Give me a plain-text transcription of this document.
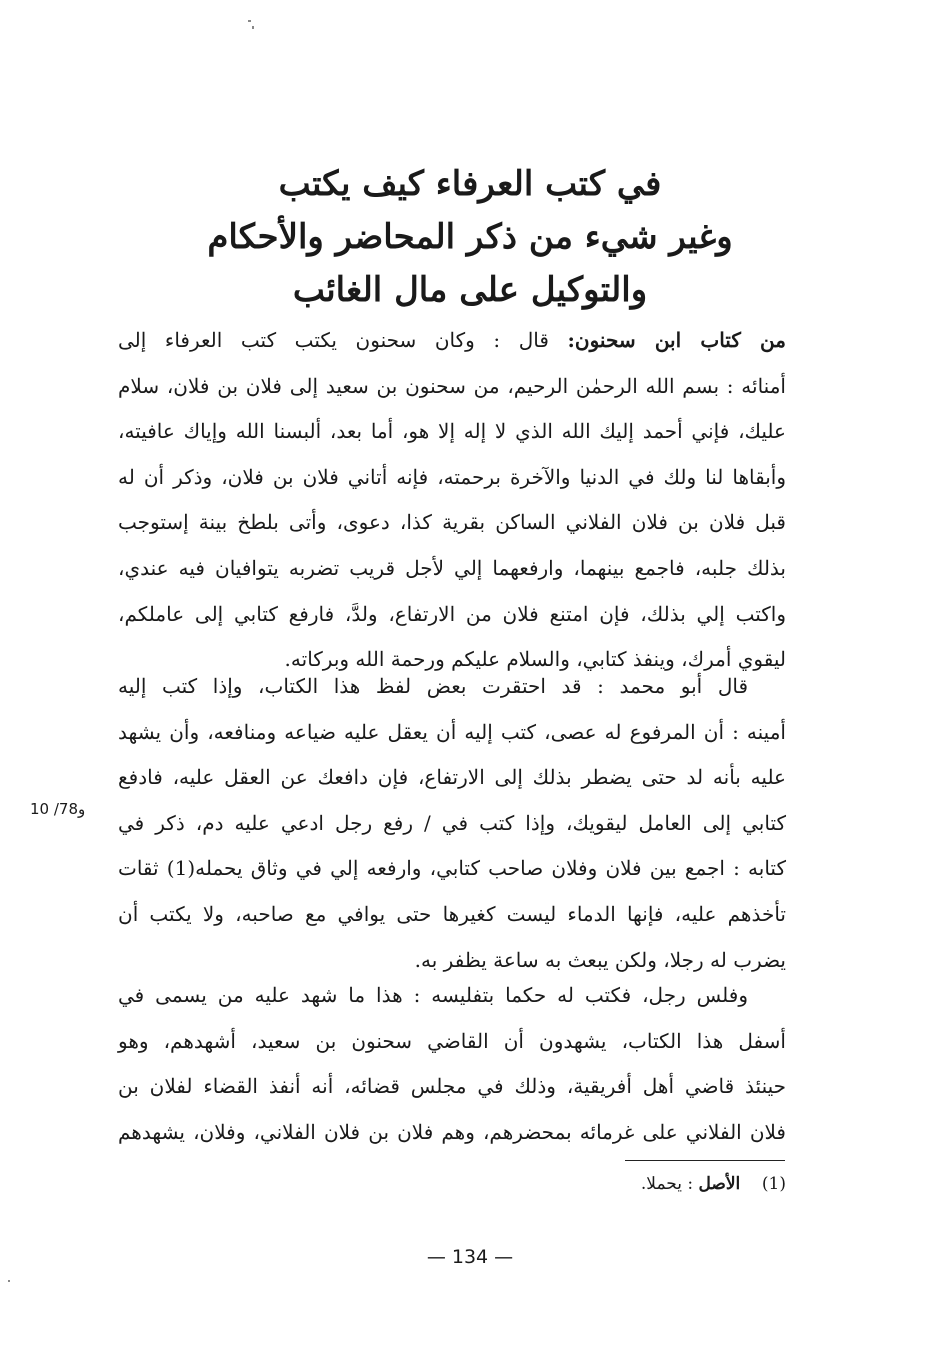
في كتب العرفاء كيف يكتب
وغير شيء من ذكر المحاضر والأحكام
والتوكيل على مال الغائب
من كتاب ابن سحنون: قال : وكان سحنون يكتب كتب العرفاء إلى
أمنائه : بسم الله الرحمٰن الرحيم، من سحنون بن سعيد إلى فلان بن فلان، سلام
عليك، فإني أحمد إليك الله الذي لا إله إلا هو، أما بعد، ألبسنا الله وإياك عافيته،
وأبقاها لنا ولك في الدنيا والآخرة برحمته، فإنه أتاني فلان بن فلان، وذكر أن له
قبل فلان بن فلان الفلاني الساكن بقرية كذا، دعوى، وأتى بلطخ بينة إستوجب
بذلك جلبه، فاجمع بينهما، وارفعهما إلي لأجل قريب تضربه يتوافيان فيه عندي،
واكتب إلي بذلك، فإن امتنع فلان من الارتفاع، ولدَّ، فارفع كتابي إلى عاملكم،
ليقوي أمرك، وينفذ كتابي، والسلام عليكم ورحمة الله وبركاته.
قال أبو محمد : قد احتقرت بعض لفظ هذا الكتاب، وإذا كتب إليه
أمينه : أن المرفوع له عصى، كتب إليه أن يعقل عليه ضياعه ومنافعه، وأن يشهد
عليه بأنه لد حتى يضطر بذلك إلى الارتفاع، فإن دافعك عن العقل عليه، فادفع
كتابي إلى العامل ليقويك، وإذا كتب في / رفع رجل ادعي عليه دم، ذكر في
كتابه : اجمع بين فلان وفلان صاحب كتابي، وارفعه إلي في وثاق يحمله(1) ثقات
تأخذهم عليه، فإنها الدماء ليست كغيرها حتى يوافي مع صاحبه، ولا يكتب أن
يضرب له رجلا، ولكن يبعث به ساعة يظفر به.
وفلس رجل، فكتب له حكما بتفليسه : هذا ما شهد عليه من يسمى في
أسفل هذا الكتاب، يشهدون أن القاضي سحنون بن سعيد، أشهدهم، وهو
حينئذ قاضي أهل أفريقية، وذلك في مجلس قضائه، أنه أنفذ القضاء لفلان بن
فلان الفلاني على غرمائه بمحضرهم، وهم فلان بن فلان الفلاني، وفلان، يشهدهم
10 /78و
(1)    الأصل : يحملا.
— 134 —
